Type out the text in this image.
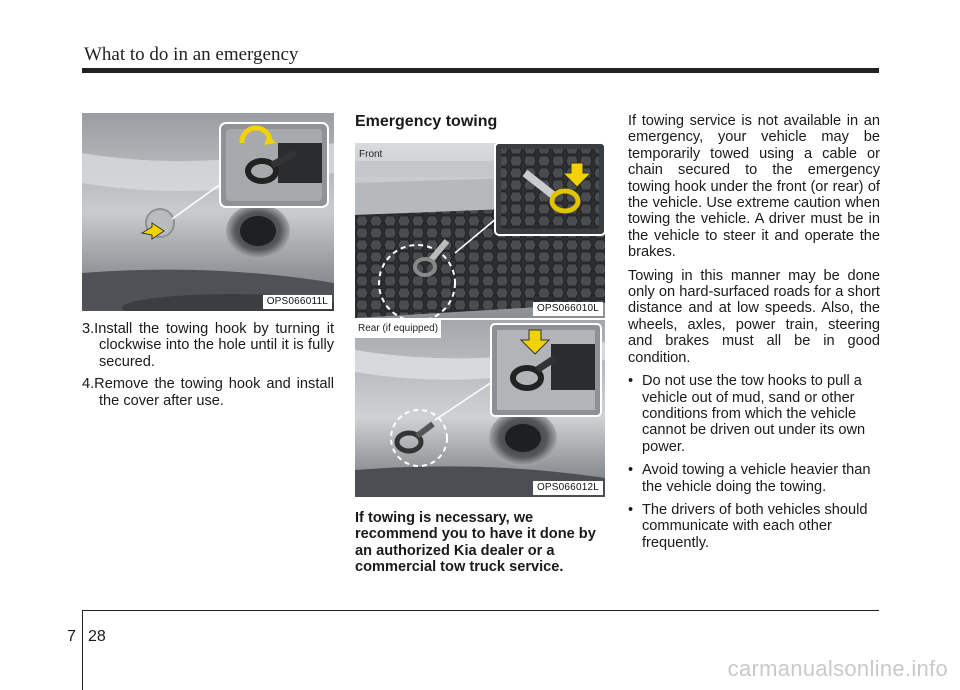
What to do in an emergency
OPS066011L
3.Install the towing hook by turning it clockwise into the hole until it is fully secured.
4.Remove the towing hook and install the cover after use.
Emergency towing
Front
OPS066010L
Rear (if equipped)
OPS066012L
If towing is necessary, we recommend you to have it done by an authorized Kia dealer or a commercial tow truck service.

If towing service is not available in an emergency, your vehicle may be temporarily towed using a cable or chain secured to the emergency towing hook under the front (or rear) of the vehicle. Use extreme caution when towing the vehicle. A driver must be in the vehicle to steer it and operate the brakes.

Towing in this manner may be done only on hard-surfaced roads for a short distance and at low speeds. Also, the wheels, axles, power train, steering and brakes must all be in good condition.

• Do not use the tow hooks to pull a vehicle out of mud, sand or other conditions from which the vehicle cannot be driven out under its own power.
• Avoid towing a vehicle heavier than the vehicle doing the towing.
• The drivers of both vehicles should communicate with each other frequently.
7 28
carmanualsonline.info
